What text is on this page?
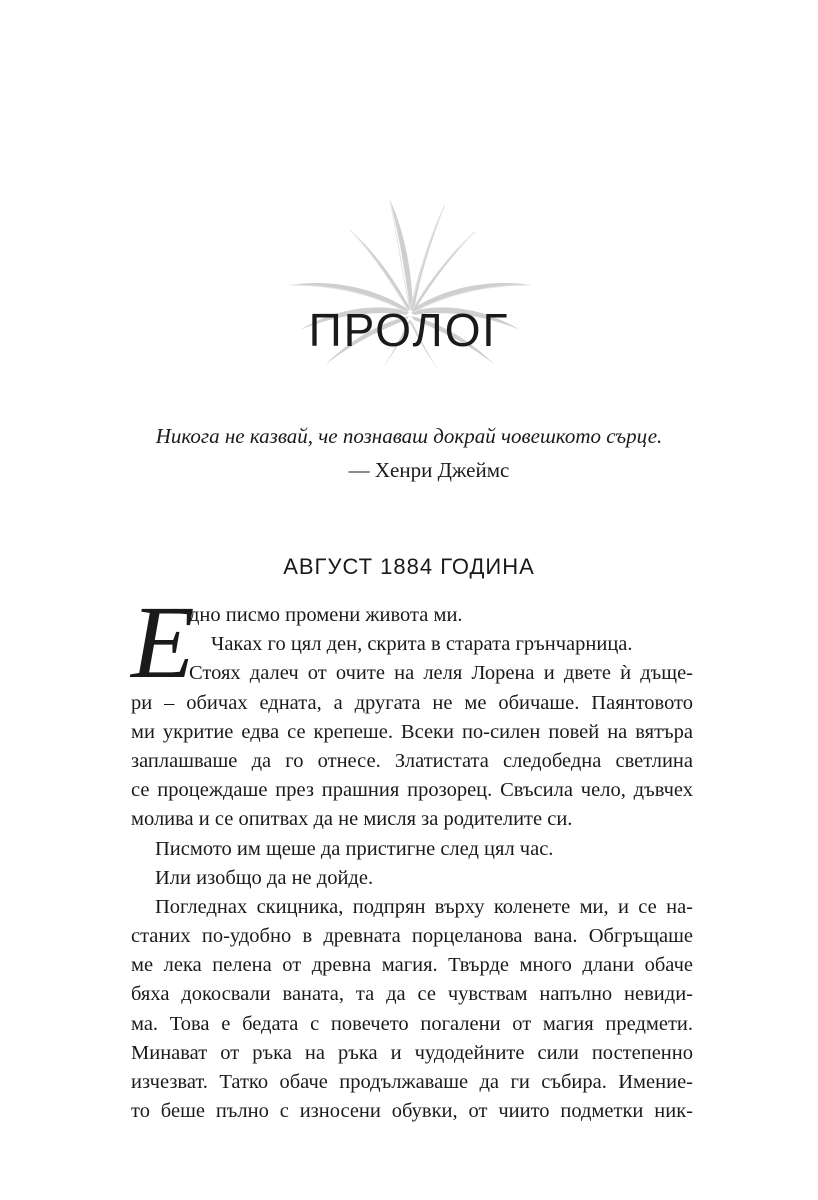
ПРОЛОГ
Никога не казвай, че познаваш докрай човешкото сърце.
— Хенри Джеймс
АВГУСТ 1884 ГОДИНА
Е
дно писмо промени живота ми.
Чаках го цял ден, скрита в старата грънчарница.
Стоях далеч от очите на леля Лорена и двете ѝ дъще-
ри – обичах едната, а другата не ме обичаше. Паянтовото
ми укритие едва се крепеше. Всеки по-силен повей на вятъра
заплашваше да го отнесе. Златистата следобедна светлина
се процеждаше през прашния прозорец. Свъсила чело, дъвчех
молива и се опитвах да не мисля за родителите си.
Писмото им щеше да пристигне след цял час.
Или изобщо да не дойде.
Погледнах скицника, подпрян върху коленете ми, и се на-
станих по-удобно в древната порцеланова вана. Обгръщаше
ме лека пелена от древна магия. Твърде много длани обаче
бяха докосвали ваната, та да се чувствам напълно невиди-
ма. Това е бедата с повечето погалени от магия предмети.
Минават от ръка на ръка и чудодейните сили постепенно
изчезват. Татко обаче продължаваше да ги събира. Имение-
то беше пълно с износени обувки, от чиито подметки ник-
